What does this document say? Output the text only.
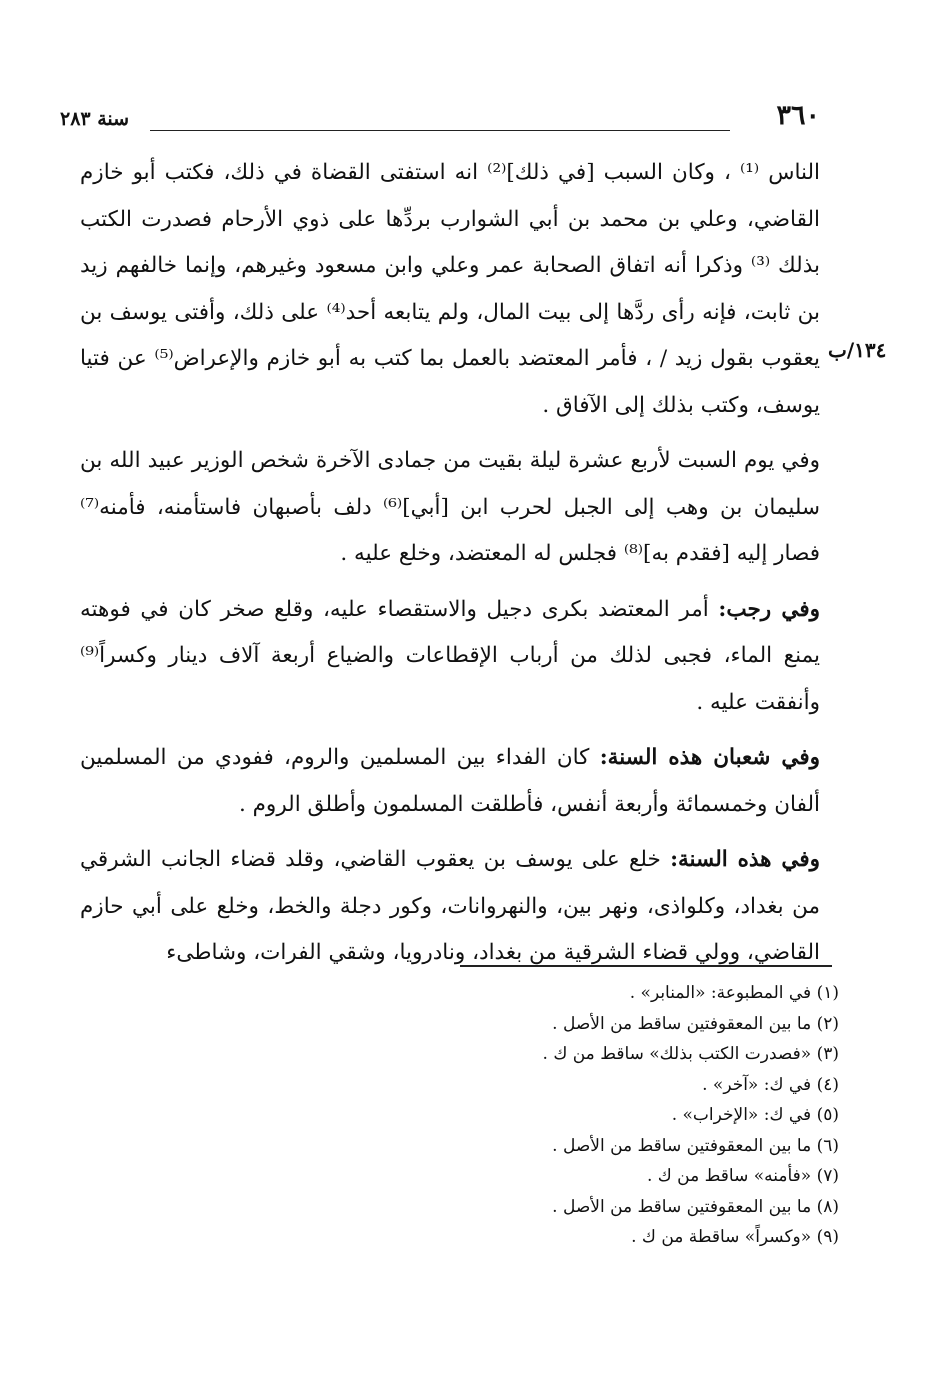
٣٦٠
سنة ٢٨٣
١٣٤/ب

الناس ⁽¹⁾ ، وكان السبب [في ذلك]⁽²⁾ انه استفتى القضاة في ذلك، فكتب أبو خازم القاضي، وعلي بن محمد بن أبي الشوارب بردِّها على ذوي الأرحام فصدرت الكتب بذلك ⁽³⁾ وذكرا أنه اتفاق الصحابة عمر وعلي وابن مسعود وغيرهم، وإنما خالفهم زيد بن ثابت، فإنه رأى ردَّها إلى بيت المال، ولم يتابعه أحد⁽⁴⁾ على ذلك، وأفتى يوسف بن يعقوب بقول زيد / ، فأمر المعتضد بالعمل بما كتب به أبو خازم والإعراض⁽⁵⁾ عن فتيا يوسف، وكتب بذلك إلى الآفاق .

وفي يوم السبت لأربع عشرة ليلة بقيت من جمادى الآخرة شخص الوزير عبيد الله بن سليمان بن وهب إلى الجبل لحرب ابن [أبي]⁽⁶⁾ دلف بأصبهان فاستأمنه، فأمنه⁽⁷⁾ فصار إليه [فقدم به]⁽⁸⁾ فجلس له المعتضد، وخلع عليه .

وفي رجب: أمر المعتضد بكرى دجيل والاستقصاء عليه، وقلع صخر كان في فوهته يمنع الماء، فجبى لذلك من أرباب الإقطاعات والضياع أربعة آلاف دينار وكسراً⁽⁹⁾ وأنفقت عليه .

وفي شعبان هذه السنة: كان الفداء بين المسلمين والروم، ففودي من المسلمين ألفان وخمسمائة وأربعة أنفس، فأطلقت المسلمون وأطلق الروم .

وفي هذه السنة: خلع على يوسف بن يعقوب القاضي، وقلد قضاء الجانب الشرقي من بغداد، وكلواذى، ونهر بين، والنهروانات، وكور دجلة والخط، وخلع على أبي حازم القاضي، وولي قضاء الشرقية من بغداد، ونادرويا، وشقي الفرات، وشاطىء

(١) في المطبوعة: «المنابر» .

(٢) ما بين المعقوفتين ساقط من الأصل .

(٣) «فصدرت الكتب بذلك» ساقط من ك .

(٤) في ك: «آخر» .

(٥) في ك: «الإخراب» .

(٦) ما بين المعقوفتين ساقط من الأصل .

(٧) «فأمنه» ساقط من ك .

(٨) ما بين المعقوفتين ساقط من الأصل .

(٩) «وكسراً» ساقطة من ك .
